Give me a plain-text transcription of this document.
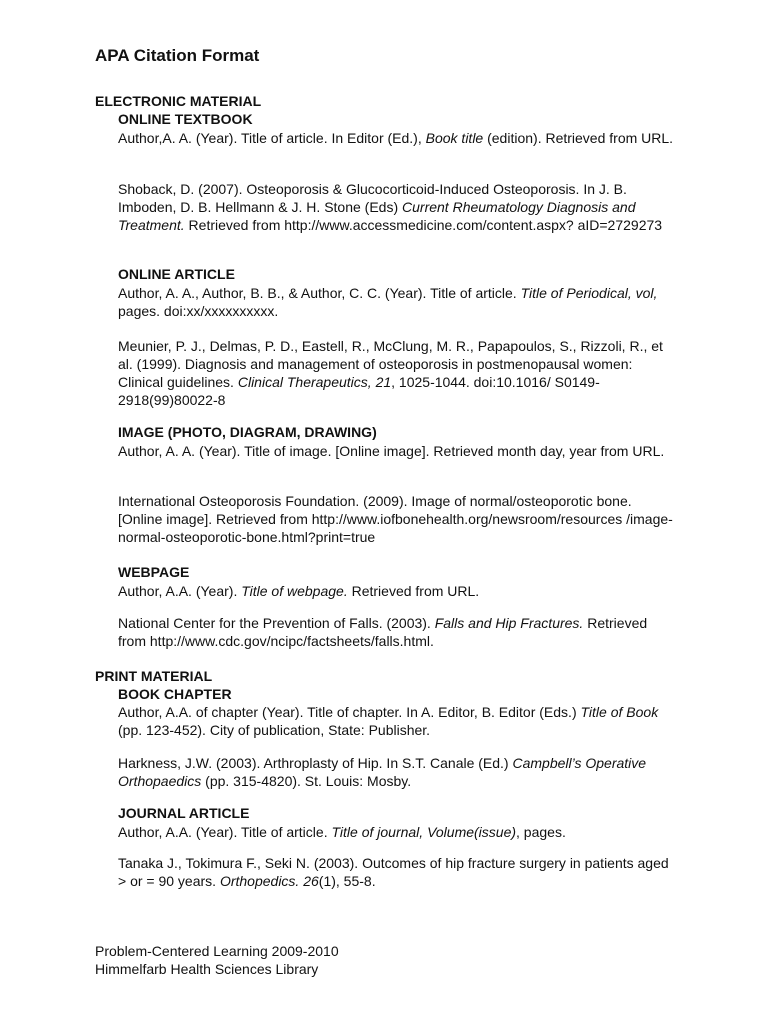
APA Citation Format
ELECTRONIC MATERIAL
ONLINE TEXTBOOK

Author,A. A. (Year). Title of article. In Editor (Ed.), Book title (edition). Retrieved from URL.

Shoback, D. (2007). Osteoporosis & Glucocorticoid-Induced Osteoporosis. In J. B. Imboden, D. B. Hellmann & J. H. Stone (Eds) Current Rheumatology Diagnosis and Treatment. Retrieved from http://www.accessmedicine.com/content.aspx? aID=2729273

ONLINE ARTICLE

Author, A. A., Author, B. B., & Author, C. C. (Year). Title of article. Title of Periodical, vol, pages. doi:xx/xxxxxxxxxx.

Meunier, P. J., Delmas, P. D., Eastell, R., McClung, M. R., Papapoulos, S., Rizzoli, R., et al. (1999). Diagnosis and management of osteoporosis in postmenopausal women: Clinical guidelines. Clinical Therapeutics, 21, 1025-1044. doi:10.1016/ S0149-2918(99)80022-8

IMAGE (PHOTO, DIAGRAM, DRAWING)

Author, A. A. (Year). Title of image. [Online image]. Retrieved month day, year from URL.

International Osteoporosis Foundation. (2009). Image of normal/osteoporotic bone. [Online image]. Retrieved from http://www.iofbonehealth.org/newsroom/resources /image-normal-osteoporotic-bone.html?print=true

WEBPAGE

Author, A.A. (Year). Title of webpage. Retrieved from URL.

National Center for the Prevention of Falls. (2003). Falls and Hip Fractures. Retrieved from http://www.cdc.gov/ncipc/factsheets/falls.html.

PRINT MATERIAL
BOOK CHAPTER

Author, A.A. of chapter (Year). Title of chapter. In A. Editor, B. Editor (Eds.) Title of Book (pp. 123-452). City of publication, State: Publisher.

Harkness, J.W. (2003). Arthroplasty of Hip. In S.T. Canale (Ed.) Campbell’s Operative Orthopaedics (pp. 315-4820). St. Louis: Mosby.

JOURNAL ARTICLE

Author, A.A. (Year). Title of article. Title of journal, Volume(issue), pages.

Tanaka J., Tokimura F., Seki N. (2003). Outcomes of hip fracture surgery in patients aged > or = 90 years. Orthopedics. 26(1), 55-8.

Problem-Centered Learning 2009-2010
Himmelfarb Health Sciences Library
